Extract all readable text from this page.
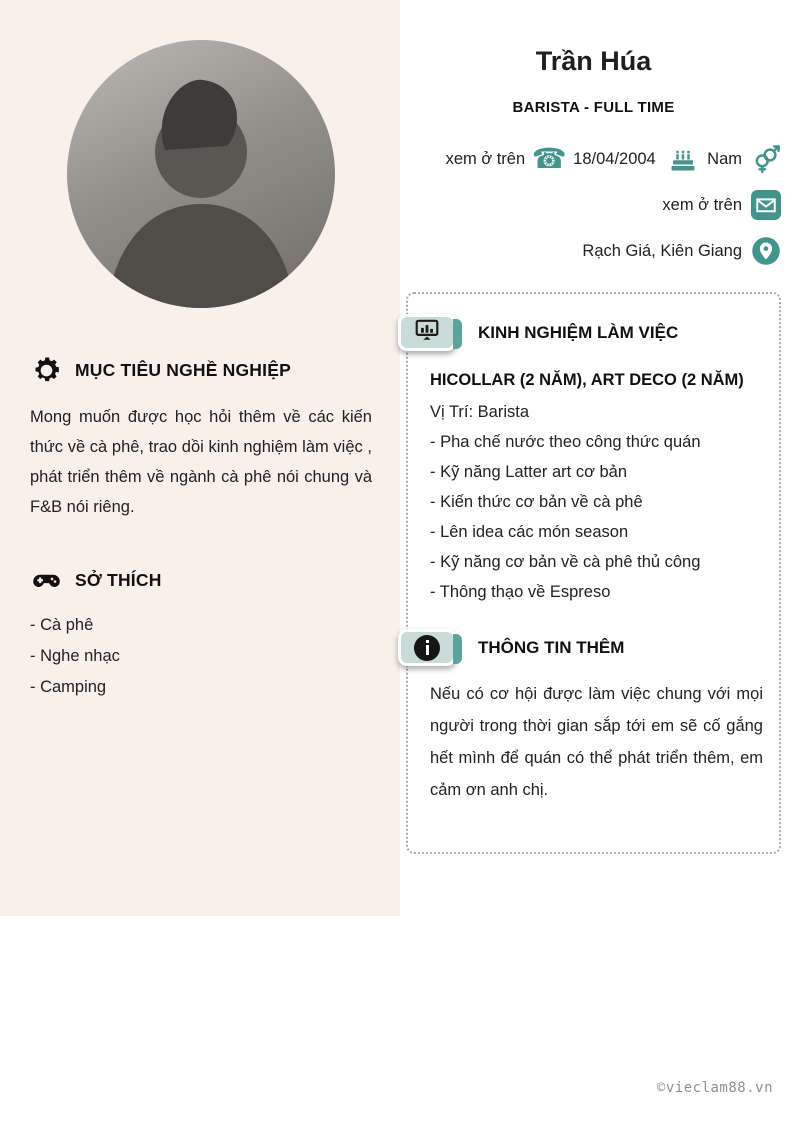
MỤC TIÊU NGHỀ NGHIỆP

Mong muốn được học hỏi thêm về các kiến thức về cà phê, trao dồi kinh nghiệm làm việc , phát triển thêm về ngành cà phê nói chung và F&B nói riêng.

SỞ THÍCH
- Cà phê
- Nghe nhạc
- Camping
Trần Húa
BARISTA - FULL TIME
xem ở trên ☎	18/04/2004	Nam
xem ở trên
Rạch Giá, Kiên Giang
KINH NGHIỆM LÀM VIỆC

HICOLLAR (2 NĂM), ART DECO (2 NĂM)

Vị Trí: Barista

- Pha chế nước theo công thức quán
- Kỹ năng Latter art cơ bản
- Kiến thức cơ bản về cà phê
- Lên idea các món season
- Kỹ năng cơ bản về cà phê thủ công
- Thông thạo về Espreso
THÔNG TIN THÊM

Nếu có cơ hội được làm việc chung với mọi người trong thời gian sắp tới em sẽ cố gắng hết mình để quán có thể phát triển thêm, em cảm ơn anh chị.

©vieclam88.vn
